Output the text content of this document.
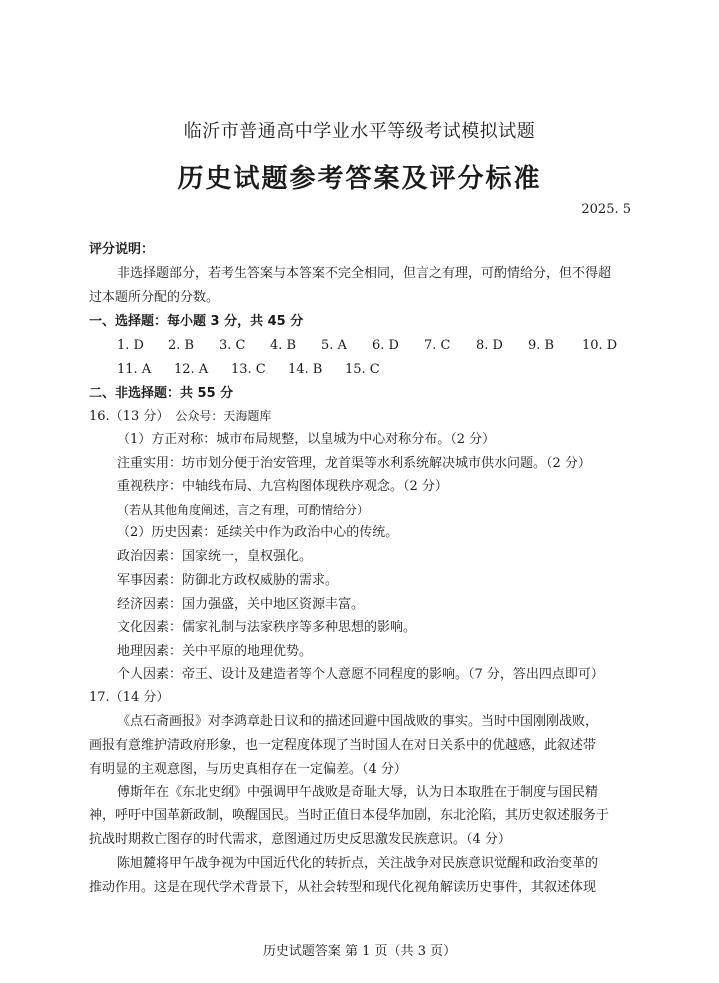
临沂市普通高中学业水平等级考试模拟试题
历史试题参考答案及评分标准
2025. 5
评分说明：
非选择题部分，若考生答案与本答案不完全相同，但言之有理，可酌情给分，但不得超
过本题所分配的分数。
一、选择题：每小题 3 分，共 45 分
1. D 2. B 3. C 4. B 5. A 6. D 7. C 8. D 9. B 10. D
11. A 12. A 13. C 14. B 15. C
二、非选择题：共 55 分
16.（13 分） 公众号：天海题库
（1）方正对称：城市布局规整，以皇城为中心对称分布。（2 分）
注重实用：坊市划分便于治安管理，龙首渠等水利系统解决城市供水问题。（2 分）
重视秩序：中轴线布局、九宫构图体现秩序观念。（2 分）
（若从其他角度阐述，言之有理，可酌情给分）
（2）历史因素：延续关中作为政治中心的传统。
政治因素：国家统一，皇权强化。
军事因素：防御北方政权威胁的需求。
经济因素：国力强盛，关中地区资源丰富。
文化因素：儒家礼制与法家秩序等多种思想的影响。
地理因素：关中平原的地理优势。
个人因素：帝王、设计及建造者等个人意愿不同程度的影响。（7 分，答出四点即可）
17.（14 分）
《点石斋画报》对李鸿章赴日议和的描述回避中国战败的事实。当时中国刚刚战败，
画报有意维护清政府形象，也一定程度体现了当时国人在对日关系中的优越感，此叙述带
有明显的主观意图，与历史真相存在一定偏差。（4 分）
傅斯年在《东北史纲》中强调甲午战败是奇耻大辱，认为日本取胜在于制度与国民精
神，呼吁中国革新政制，唤醒国民。当时正值日本侵华加剧，东北沦陷，其历史叙述服务于
抗战时期救亡图存的时代需求，意图通过历史反思激发民族意识。（4 分）
陈旭麓将甲午战争视为中国近代化的转折点，关注战争对民族意识觉醒和政治变革的
推动作用。这是在现代学术背景下，从社会转型和现代化视角解读历史事件，其叙述体现
历史试题答案 第 1 页（共 3 页）
